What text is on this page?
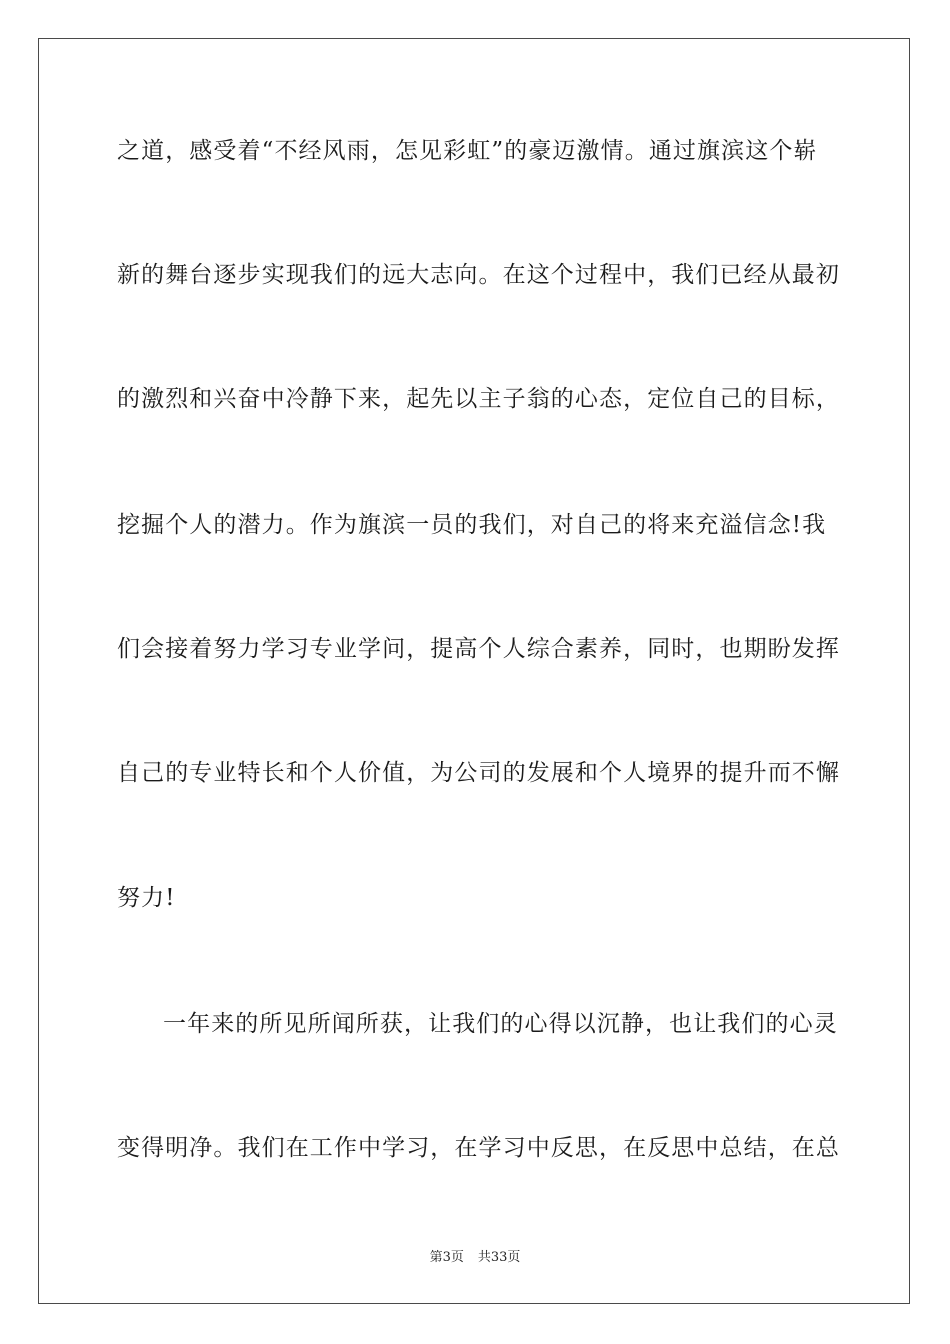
之道，感受着“不经风雨，怎见彩虹”的豪迈激情。通过旗滨这个崭
新的舞台逐步实现我们的远大志向。在这个过程中，我们已经从最初
的激烈和兴奋中冷静下来，起先以主子翁的心态，定位自己的目标，
挖掘个人的潜力。作为旗滨一员的我们，对自己的将来充溢信念!我
们会接着努力学习专业学问，提高个人综合素养，同时，也期盼发挥
自己的专业特长和个人价值，为公司的发展和个人境界的提升而不懈
努力!
一年来的所见所闻所获，让我们的心得以沉静，也让我们的心灵
变得明净。我们在工作中学习，在学习中反思，在反思中总结，在总
第3页 共33页
